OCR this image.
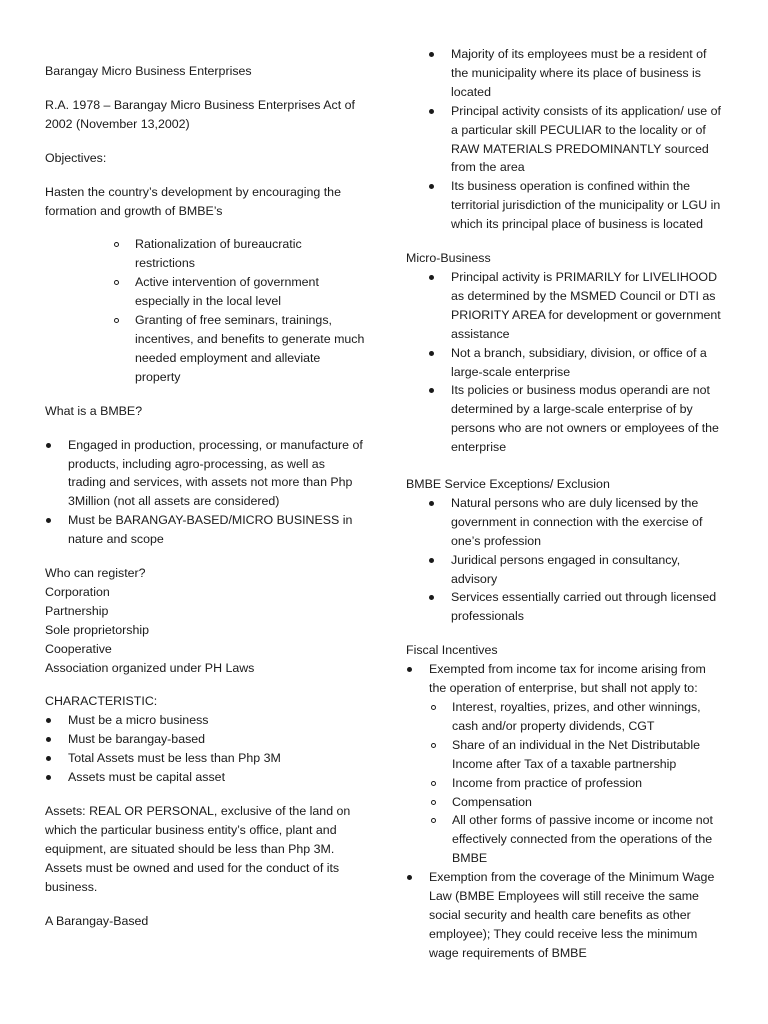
Barangay Micro Business Enterprises

R.A. 1978 – Barangay Micro Business Enterprises Act of 2002 (November 13,2002)

Objectives:

Hasten the country’s development by encouraging the formation and growth of BMBE’s

Rationalization of bureaucratic restrictions
Active intervention of government especially in the local level
Granting of free seminars, trainings, incentives, and benefits to generate much needed employment and alleviate property

What is a BMBE?

Engaged in production, processing, or manufacture of products, including agro-processing, as well as trading and services, with assets not more than Php 3Million (not all assets are considered)
Must be BARANGAY-BASED/MICRO BUSINESS in nature and scope

Who can register?

Corporation

Partnership

Sole proprietorship

Cooperative

Association organized under PH Laws

CHARACTERISTIC:

Must be a micro business
Must be barangay-based
Total Assets must be less than Php 3M
Assets must be capital asset

Assets: REAL OR PERSONAL, exclusive of the land on which the particular business entity’s office, plant and equipment, are situated should be less than Php 3M. Assets must be owned and used for the conduct of its business.

A Barangay-Based

Majority of its employees must be a resident of the municipality where its place of business is located
Principal activity consists of its application/ use of a particular skill PECULIAR to the locality or of RAW MATERIALS PREDOMINANTLY sourced from the area
Its business operation is confined within the territorial jurisdiction of the municipality or LGU in which its principal place of business is located

Micro-Business

Principal activity is PRIMARILY for LIVELIHOOD as determined by the MSMED Council or DTI as PRIORITY AREA for development or government assistance
Not a branch, subsidiary, division, or office of a large-scale enterprise
Its policies or business modus operandi are not determined by a large-scale enterprise of by persons who are not owners or employees of the enterprise

BMBE Service Exceptions/ Exclusion

Natural persons who are duly licensed by the government in connection with the exercise of one’s profession
Juridical persons engaged in consultancy, advisory
Services essentially carried out through licensed professionals

Fiscal Incentives

Exempted from income tax for income arising from the operation of enterprise, but shall not apply to:
Interest, royalties, prizes, and other winnings, cash and/or property dividends, CGT
Share of an individual in the Net Distributable Income after Tax of a taxable partnership
Income from practice of profession
Compensation
All other forms of passive income or income not effectively connected from the operations of the BMBE
Exemption from the coverage of the Minimum Wage Law (BMBE Employees will still receive the same social security and health care benefits as other employee); They could receive less the minimum wage requirements of BMBE
